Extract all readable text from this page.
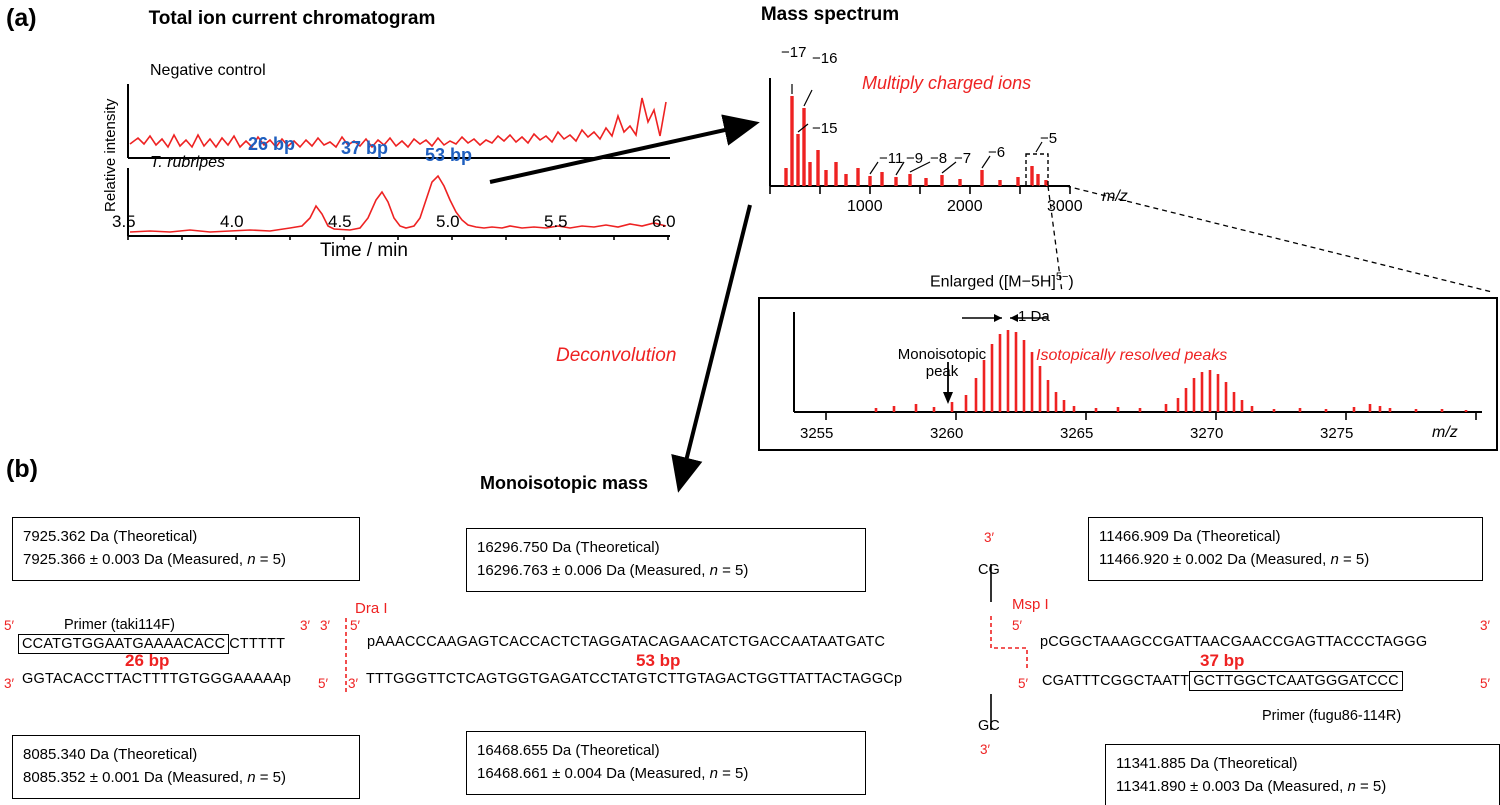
(a)
(b)
Total ion current chromatogram
Relative intensity
Negative control
T. rubripes
26 bp	37 bp 53 bp
3.5	4.0	4.5	5.0	5.5	6.0
Time / min
Mass spectrum
−17 −16
−15
−11 −9 −8 −7 −6
−5
Multiply charged ions
1000	2000	3000
m/z
Enlarged $([M-5H]^{5-})$
1 Da
Monoisotopic
peak
Isotopically resolved peaks
3255	3260	3265	3270	3275	m/z
Deconvolution
Monoisotopic mass
7925.362 Da (Theoretical)
7925.366 ± 0.003 Da (Measured, n = 5)
16296.750 Da (Theoretical)
16296.763 ± 0.006 Da (Measured, n = 5)
11466.909 Da (Theoretical)
11466.920 ± 0.002 Da (Measured, n = 5)
8085.340 Da (Theoretical)
8085.352 ± 0.001 Da (Measured, n = 5)
16468.655 Da (Theoretical)
16468.661 ± 0.004 Da (Measured, n = 5)
11341.885 Da (Theoretical)
11341.890 ± 0.003 Da (Measured, n = 5)
Primer (taki114F)
Primer (fugu86-114R)
5′
3′
3′
5′
Dra I
3′ 5′
5′ 3′
Msp I
3′
CG
5′
5′
GC
3′
CCATGTGGAATGAAAACACC CTTTTT	pAAACCCAAGAGTCACCACTCTAGGATACAGAACATCTGACCAATAATGATC	pCGGCTAAAGCCGATTAACGAACCGAGTTACCCTAGGG
GGTACACCTTACTTTTGTGGGAAAAAp	TTTGGGTTCTCAGTGGTGAGATCCTATGTCTTGTAGACTGGTTATTACTAGGCp	CGATTTCGGCTAATT GCTTGGCTCAATGGGATCCC
3′
26 bp	53 bp	37 bp
